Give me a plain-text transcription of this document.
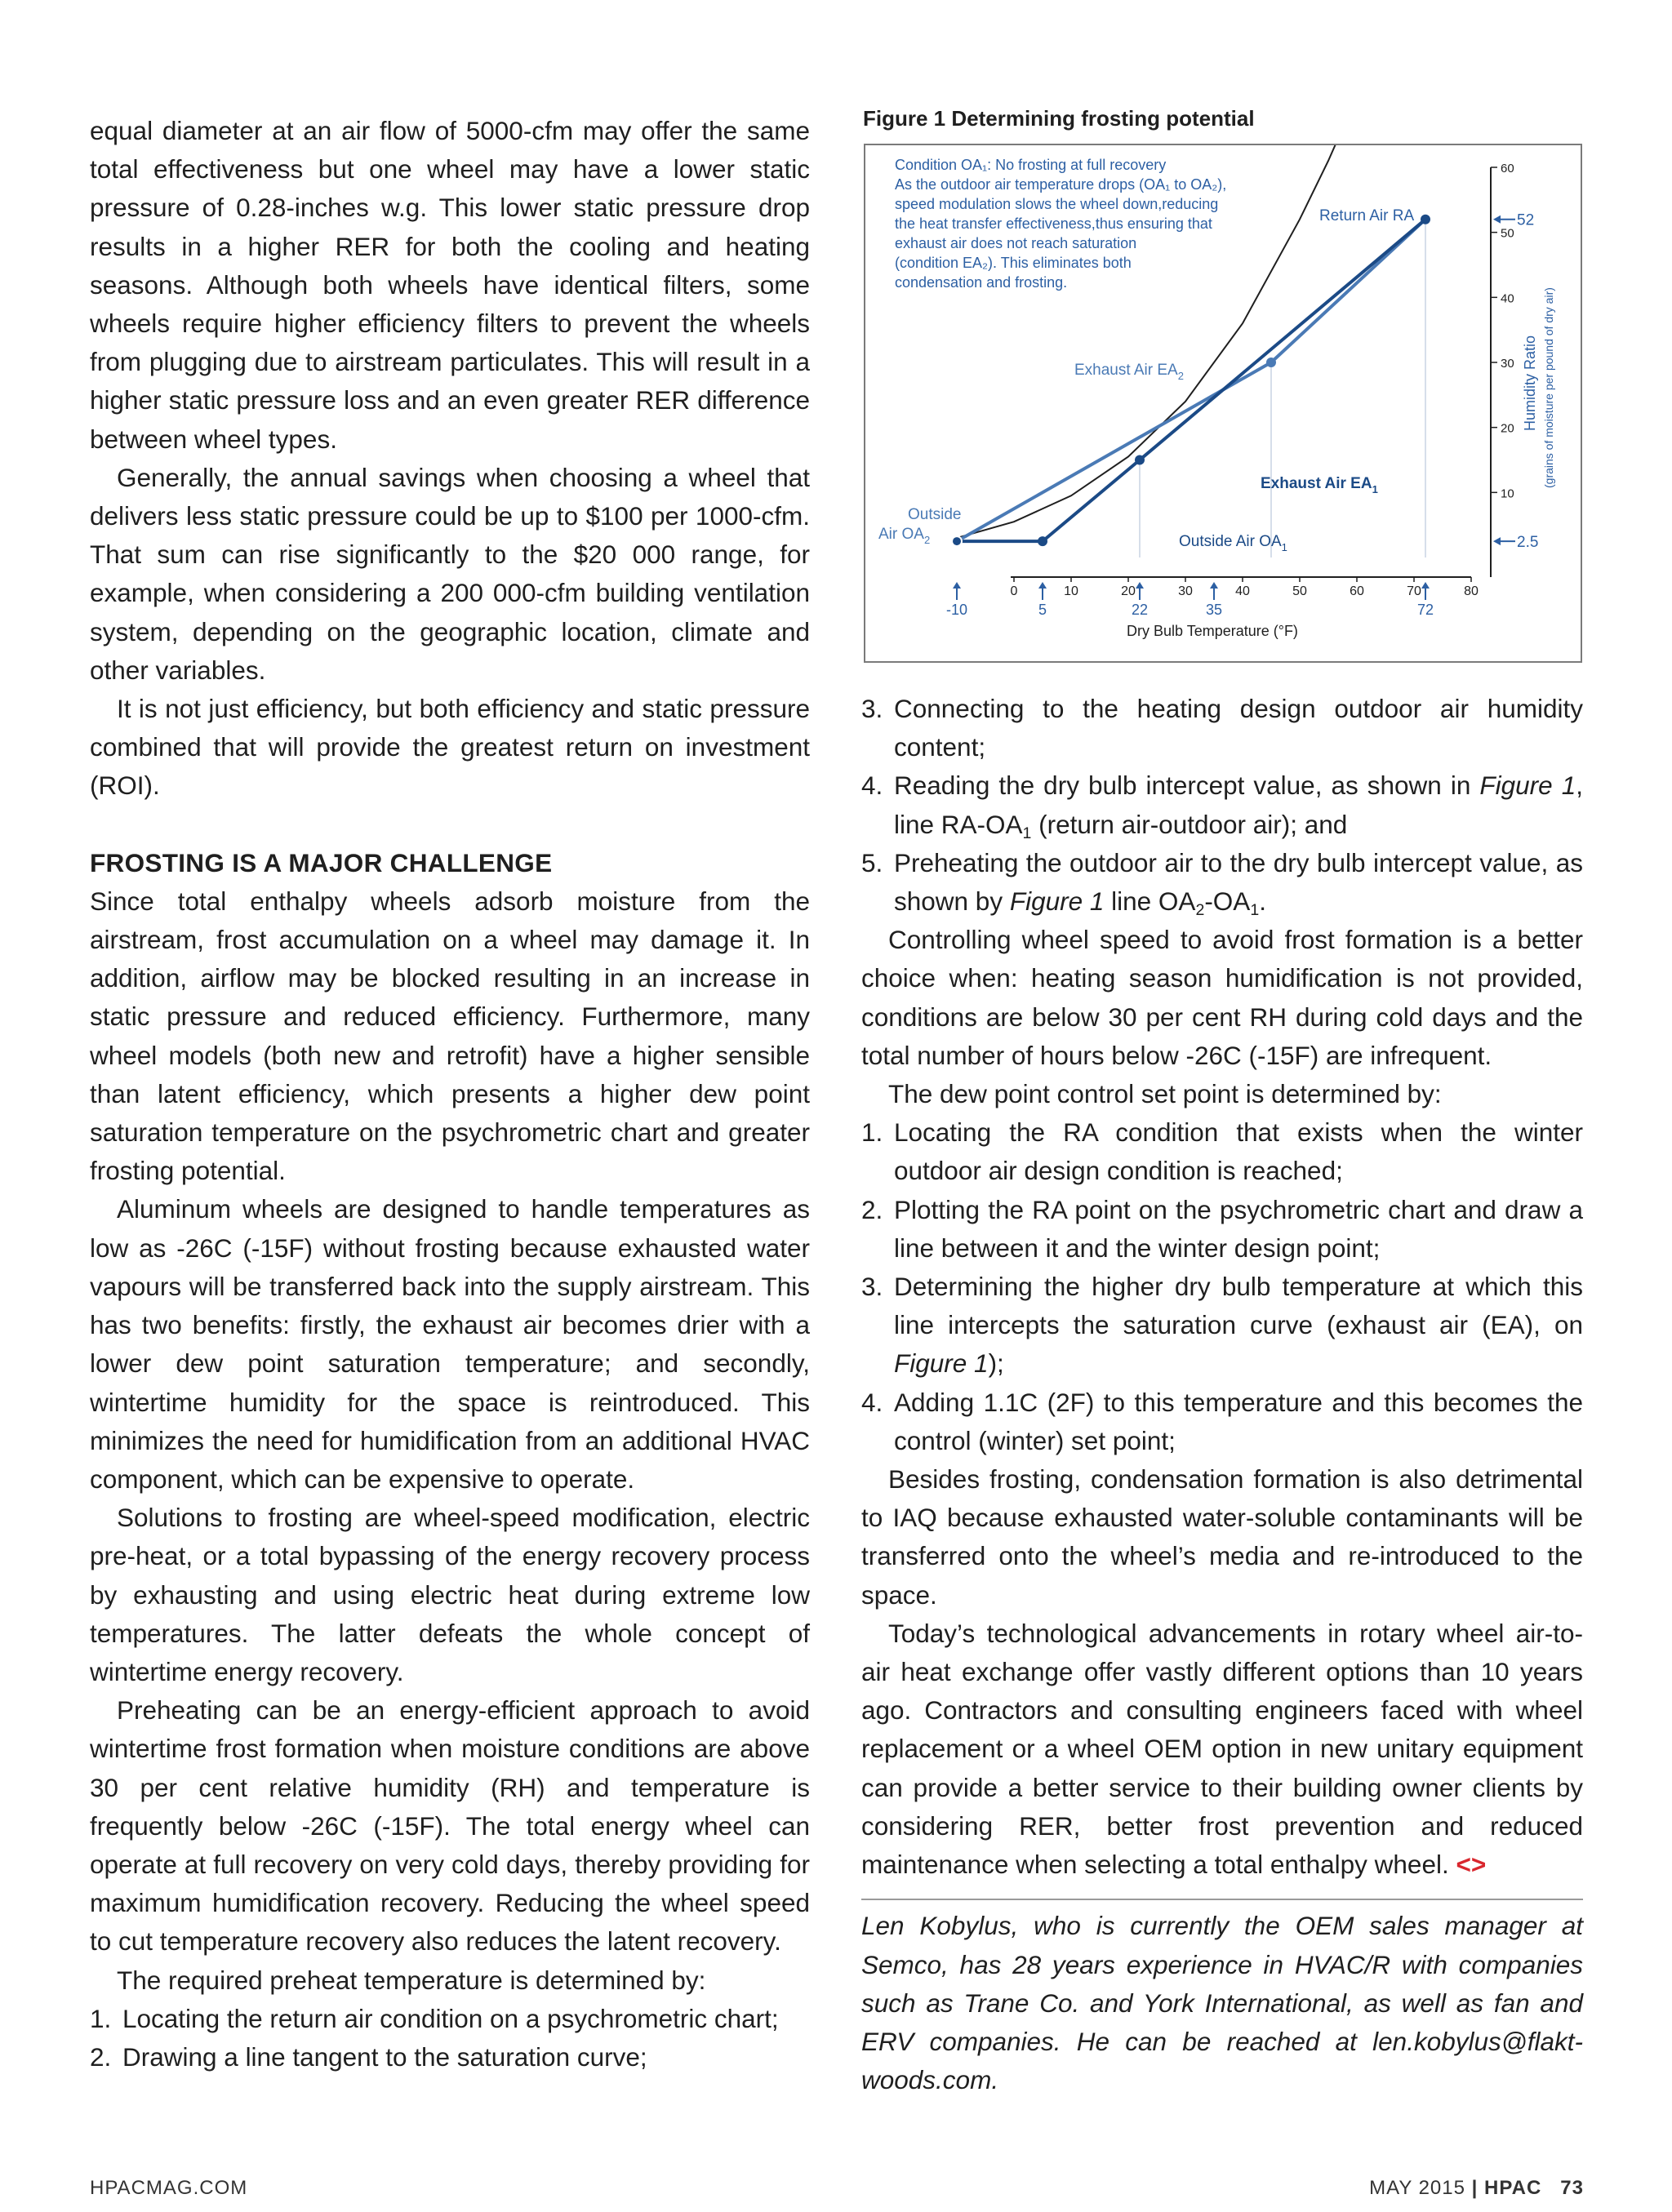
equal diameter at an air flow of 5000-cfm may offer the same total effectiveness but one wheel may have a lower static pressure of 0.28-inches w.g. This lower static pressure drop results in a higher RER for both the cooling and heating seasons. Although both wheels have identical filters, some wheels require higher efficiency filters to prevent the wheels from plugging due to airstream particulates. This will result in a higher static pressure loss and an even greater RER difference between wheel types.

Generally, the annual savings when choosing a wheel that delivers less static pressure could be up to $100 per 1000-cfm. That sum can rise significantly to the $20 000 range, for example, when considering a 200 000-cfm building ventilation system, depending on the geographic location, climate and other variables.

It is not just efficiency, but both efficiency and static pressure combined that will provide the greatest return on investment (ROI).

FROSTING IS A MAJOR CHALLENGE

Since total enthalpy wheels adsorb moisture from the airstream, frost accumulation on a wheel may damage it. In addition, airflow may be blocked resulting in an increase in static pressure and reduced efficiency. Furthermore, many wheel models (both new and retrofit) have a higher sensible than latent efficiency, which presents a higher dew point saturation temperature on the psychrometric chart and greater frosting potential.

Aluminum wheels are designed to handle temperatures as low as -26C (-15F) without frosting because exhausted water vapours will be transferred back into the supply airstream. This has two benefits: firstly, the exhaust air becomes drier with a lower dew point saturation temperature; and secondly, wintertime humidity for the space is reintroduced. This minimizes the need for humidification from an additional HVAC component, which can be expensive to operate.

Solutions to frosting are wheel-speed modification, electric pre-heat, or a total bypassing of the energy recovery process by exhausting and using electric heat during extreme low temperatures. The latter defeats the whole concept of wintertime energy recovery.

Preheating can be an energy-efficient approach to avoid wintertime frost formation when moisture conditions are above 30 per cent relative humidity (RH) and temperature is frequently below -26C (-15F). The total energy wheel can operate at full recovery on very cold days, thereby providing for maximum humidification recovery. Reducing the wheel speed to cut temperature recovery also reduces the latent recovery.

The required preheat temperature is determined by:

1. Locating the return air condition on a psychrometric chart;
2. Drawing a line tangent to the saturation curve;
Figure 1 Determining frosting potential
Condition OA₁: No frosting at full recovery As the outdoor air temperature drops (OA₁ to OA₂), speed modulation slows the wheel down,reducing the heat transfer effectiveness,thus ensuring that exhaust air does not reach saturation (condition EA₂). This eliminates both condensation and frosting.
Return Air RA
Exhaust Air $EA_2$
Exhaust Air $EA_1$
Outside
Air $OA_2$	Outside Air $OA_1$
0	10	20	30	40	50	60	70	80
-10	5	22	35	72
10
20
30
40
50
60
52
2.5
Dry Bulb Temperature (°F)
Humidity Ratio (grains of moisture per pound of dry air)
3. Connecting to the heating design outdoor air humidity content;
4. Reading the dry bulb intercept value, as shown in Figure 1, line $RA-OA_1$ (return air-outdoor air); and
5. Preheating the outdoor air to the dry bulb intercept value, as shown by Figure 1 line $OA_2-OA_1$.

Controlling wheel speed to avoid frost formation is a better choice when: heating season humidification is not provided, conditions are below 30 per cent RH during cold days and the total number of hours below -26C (-15F) are infrequent.

The dew point control set point is determined by:

1. Locating the RA condition that exists when the winter outdoor air design condition is reached;
2. Plotting the RA point on the psychrometric chart and draw a line between it and the winter design point;
3. Determining the higher dry bulb temperature at which this line intercepts the saturation curve (exhaust air (EA), on Figure 1);
4. Adding 1.1C (2F) to this temperature and this becomes the control (winter) set point;

Besides frosting, condensation formation is also detrimental to IAQ because exhausted water-soluble contaminants will be transferred onto the wheel’s media and re-introduced to the space.

Today’s technological advancements in rotary wheel air-to-air heat exchange offer vastly different options than 10 years ago. Contractors and consulting engineers faced with wheel replacement or a wheel OEM option in new unitary equipment can provide a better service to their building owner clients by considering RER, better frost prevention and reduced maintenance when selecting a total enthalpy wheel. <>

Len Kobylus, who is currently the OEM sales manager at Semco, has 28 years experience in HVAC/R with companies such as Trane Co. and York International, as well as fan and ERV companies. He can be reached at len.kobylus@flakt-woods.com.

HPACMAG.COM	MAY 2015 | HPAC 73
